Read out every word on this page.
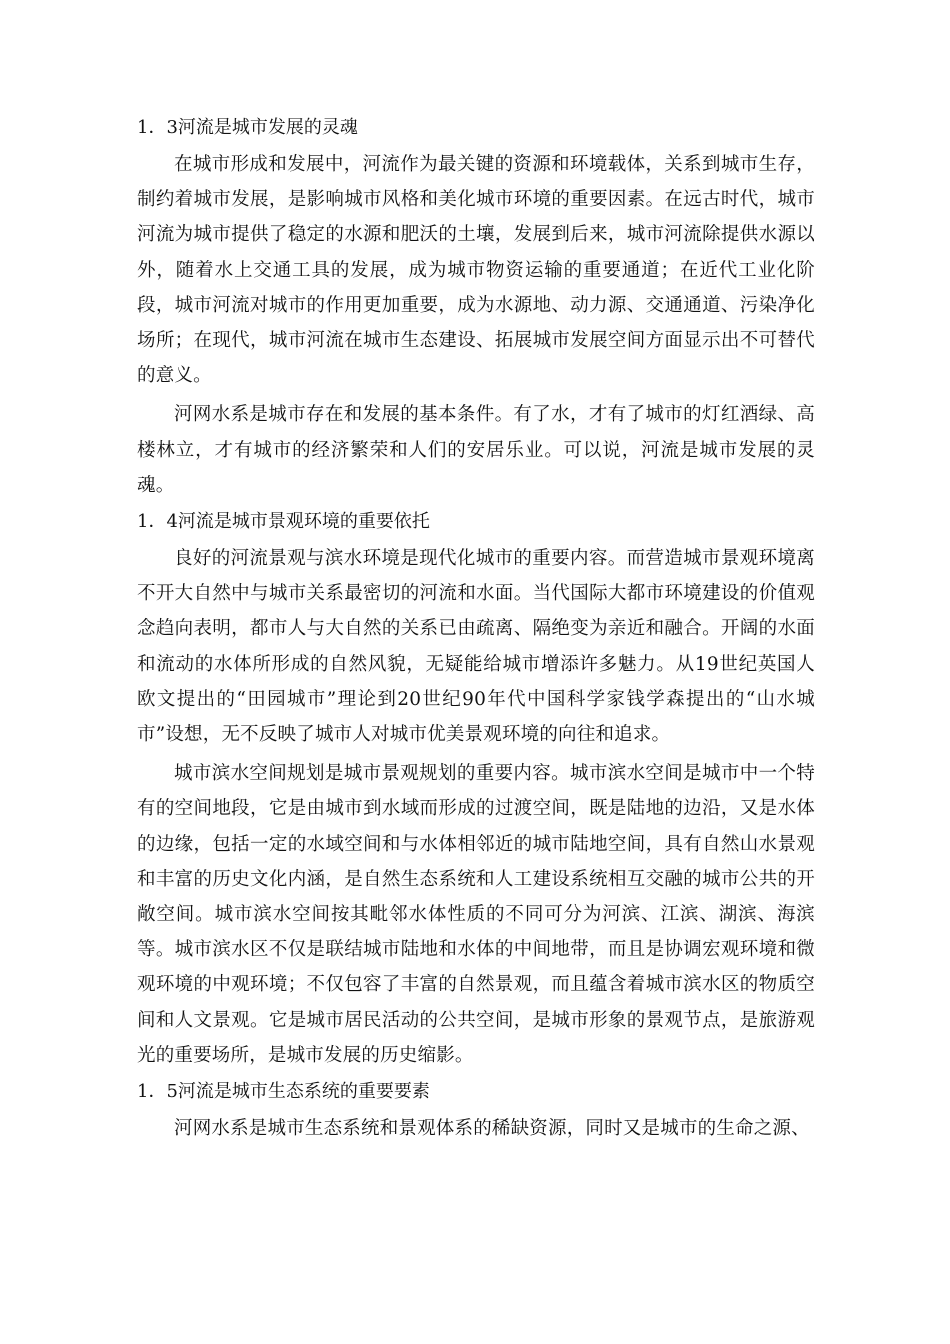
1．3河流是城市发展的灵魂

在城市形成和发展中，河流作为最关键的资源和环境载体，关系到城市生存，制约着城市发展，是影响城市风格和美化城市环境的重要因素。在远古时代，城市河流为城市提供了稳定的水源和肥沃的土壤，发展到后来，城市河流除提供水源以外，随着水上交通工具的发展，成为城市物资运输的重要通道；在近代工业化阶段，城市河流对城市的作用更加重要，成为水源地、动力源、交通通道、污染净化场所；在现代，城市河流在城市生态建设、拓展城市发展空间方面显示出不可替代的意义。

河网水系是城市存在和发展的基本条件。有了水，才有了城市的灯红酒绿、高楼林立，才有城市的经济繁荣和人们的安居乐业。可以说，河流是城市发展的灵魂。

1．4河流是城市景观环境的重要依托

良好的河流景观与滨水环境是现代化城市的重要内容。而营造城市景观环境离不开大自然中与城市关系最密切的河流和水面。当代国际大都市环境建设的价值观念趋向表明，都市人与大自然的关系已由疏离、隔绝变为亲近和融合。开阔的水面和流动的水体所形成的自然风貌，无疑能给城市增添许多魅力。从19世纪英国人欧文提出的“田园城市”理论到20世纪90年代中国科学家钱学森提出的“山水城市”设想，无不反映了城市人对城市优美景观环境的向往和追求。

城市滨水空间规划是城市景观规划的重要内容。城市滨水空间是城市中一个特有的空间地段，它是由城市到水域而形成的过渡空间，既是陆地的边沿，又是水体的边缘，包括一定的水域空间和与水体相邻近的城市陆地空间，具有自然山水景观和丰富的历史文化内涵，是自然生态系统和人工建设系统相互交融的城市公共的开敞空间。城市滨水空间按其毗邻水体性质的不同可分为河滨、江滨、湖滨、海滨等。城市滨水区不仅是联结城市陆地和水体的中间地带，而且是协调宏观环境和微观环境的中观环境；不仅包容了丰富的自然景观，而且蕴含着城市滨水区的物质空间和人文景观。它是城市居民活动的公共空间，是城市形象的景观节点，是旅游观光的重要场所，是城市发展的历史缩影。

1．5河流是城市生态系统的重要要素

河网水系是城市生态系统和景观体系的稀缺资源，同时又是城市的生命之源、
